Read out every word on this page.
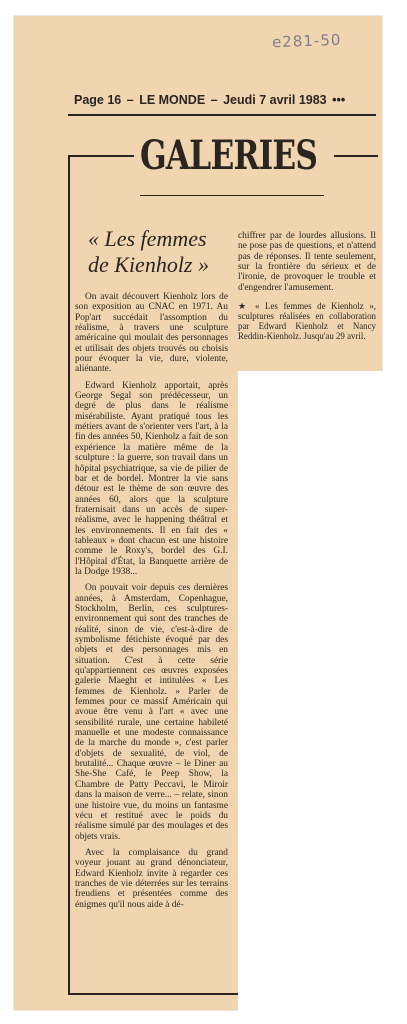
e281-50
Page 16 – LE MONDE – Jeudi 7 avril 1983 •••
GALERIES
« Les femmes de Kienholz »

On avait découvert Kienholz lors de son exposition au CNAC en 1971. Au Pop'art succédait l'assomption du réalisme, à travers une sculpture américaine qui moulait des personnages et utilisait des objets trouvés ou choisis pour évoquer la vie, dure, violente, aliénante.

Edward Kienholz apportait, après George Segal son prédécesseur, un degré de plus dans le réalisme misérabiliste. Ayant pratiqué tous les métiers avant de s'orienter vers l'art, à la fin des années 50, Kienholz a fait de son expérience la matière même de la sculpture : la guerre, son travail dans un hôpital psychiatrique, sa vie de pilier de bar et de bordel. Montrer la vie sans détour est le thème de son œuvre des années 60, alors que la sculpture fraternisait dans un accès de super-réalisme, avec le happening théâtral et les environnements. Il en fait des « tableaux » dont chacun est une histoire comme le Roxy's, bordel des G.I. l'Hôpital d'État, la Banquette arrière de la Dodge 1938...

On pouvait voir depuis ces dernières années, à Amsterdam, Copenhague, Stockholm, Berlin, ces sculptures-environnement qui sont des tranches de réalité, sinon de vie, c'est-à-dire de symbolisme fétichiste évoqué par des objets et des personnages mis en situation. C'est à cette série qu'appartiennent ces œuvres exposées galerie Maeght et intitulées « Les femmes de Kienholz. » Parler de femmes pour ce massif Américain qui avoue être venu à l'art « avec une sensibilité rurale, une certaine habileté manuelle et une modeste connaissance de la marche du monde », c'est parler d'objets de sexualité, de viol, de brutalité... Chaque œuvre – le Diner au She-She Café, le Peep Show, la Chambre de Patty Peccavi, le Miroir dans la maison de verre... – relate, sinon une histoire vue, du moins un fantasme vécu et restitué avec le poids du réalisme simulé par des moulages et des objets vrais.

Avec la complaisance du grand voyeur jouant au grand dénonciateur, Edward Kienholz invite à regarder ces tranches de vie déterrées sur les terrains freudiens et présentées comme des énigmes qu'il nous aide à dé-

chiffrer par de lourdes allusions. Il ne pose pas de questions, et n'attend pas de réponses. Il tente seulement, sur la frontière du sérieux et de l'ironie, de provoquer le trouble et d'engendrer l'amusement.

★ « Les femmes de Kienholz », sculptures réalisées en collaboration par Edward Kienholz et Nancy Reddin-Kienholz. Jusqu'au 29 avril.
